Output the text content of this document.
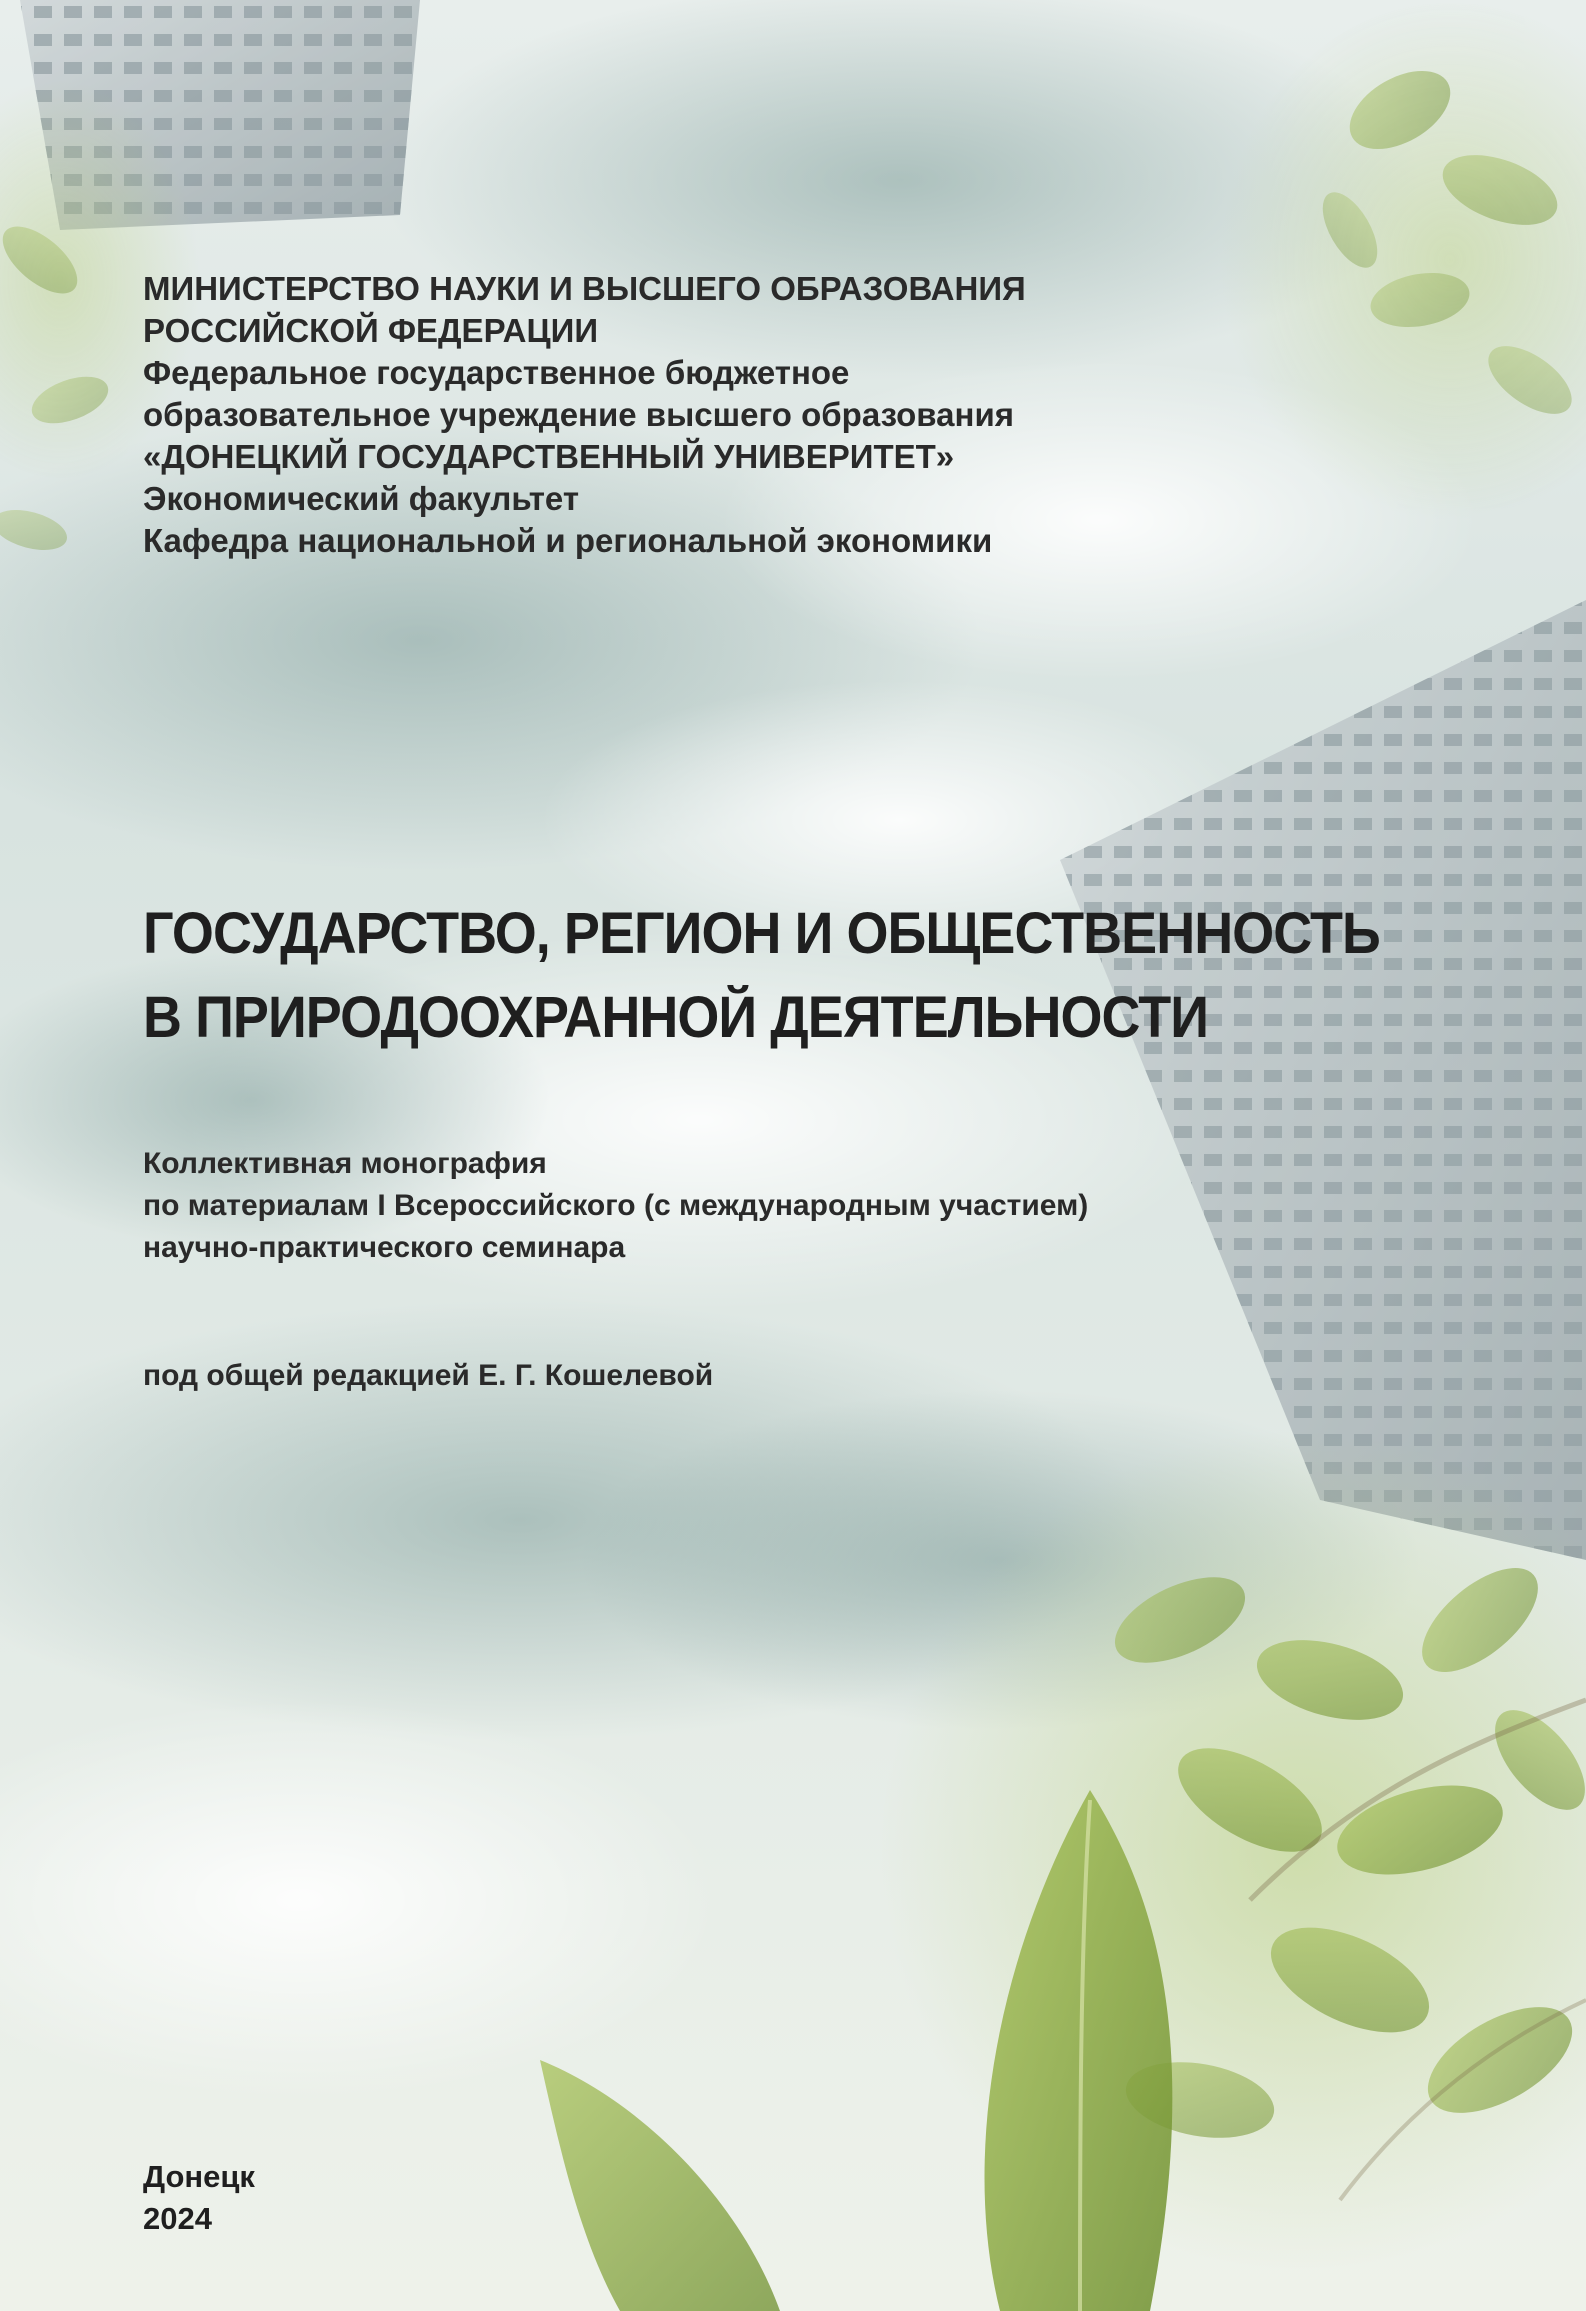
МИНИСТЕРСТВО НАУКИ И ВЫСШЕГО ОБРАЗОВАНИЯ
РОССИЙСКОЙ ФЕДЕРАЦИИ
Федеральное государственное бюджетное
образовательное учреждение высшего образования
«ДОНЕЦКИЙ ГОСУДАРСТВЕННЫЙ УНИВЕРИТЕТ»
Экономический факультет
Кафедра национальной и региональной экономики
ГОСУДАРСТВО, РЕГИОН И ОБЩЕСТВЕННОСТЬ
В ПРИРОДООХРАННОЙ ДЕЯТЕЛЬНОСТИ
Коллективная монография
по материалам I Всероссийского (с международным участием)
научно-практического семинара
под общей редакцией Е. Г. Кошелевой
Донецк
2024
